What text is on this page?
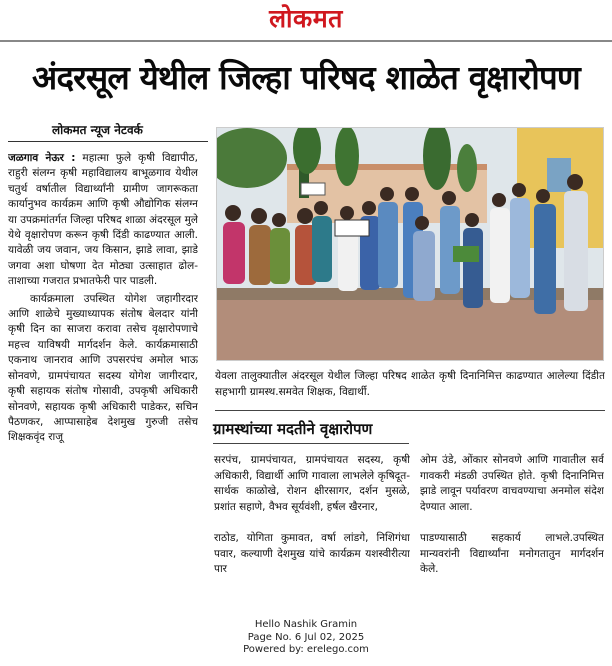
लोकमत
अंदरसूल येथील जिल्हा परिषद शाळेत वृक्षारोपण
लोकमत न्यूज नेटवर्क

जळगाव नेऊर : महात्मा फुले कृषी विद्यापीठ, राहुरी संलग्न कृषी महाविद्यालय बाभूळगाव येथील चतुर्थ वर्षातील विद्यार्थ्यांनी ग्रामीण जागरूकता कार्यानुभव कार्यक्रम आणि कृषी औद्योगिक संलग्न या उपक्रमांतर्गत जिल्हा परिषद शाळा अंदरसूल मुले येथे वृक्षारोपण करून कृषी दिंडी काढण्यात आली. यावेळी जय जवान, जय किसान, झाडे लावा, झाडे जगवा अशा घोषणा देत मोठ्या उत्साहात ढोल-ताशाच्या गजरात प्रभातफेरी पार पाडली.

कार्यक्रमाला उपस्थित योगेश जहागीरदार आणि शाळेचे मुख्याध्यापक संतोष बेलदार यांनी कृषी दिन का साजरा करावा तसेच वृक्षारोपणाचे महत्त्व याविषयी मार्गदर्शन केले. कार्यक्रमासाठी एकनाथ जानराव आणि उपसरपंच अमोल भाऊ सोनवणे, ग्रामपंचायत सदस्य योगेश जागीरदार, कृषी सहायक संतोष गोसावी, उपकृषी अधिकारी सोनवणे, सहायक कृषी अधिकारी पाडेकर, सचिन पैठणकर, आप्पासाहेब देशमुख गुरुजी तसेच शिक्षकवृंद राजू

येवला तालुक्यातील अंदरसूल येथील जिल्हा परिषद शाळेत कृषी दिनानिमित्त काढण्यात आलेल्या दिंडीत सहभागी ग्रामस्थ.समवेत शिक्षक, विद्यार्थी.
ग्रामस्थांच्या मदतीने वृक्षारोपण

सरपंच, ग्रामपंचायत, ग्रामपंचायत सदस्य, कृषी अधिकारी, विद्यार्थी आणि गावाला लाभलेले कृषिदूत-सार्थक काळोखे, रोशन क्षीरसागर, दर्शन मुसळे, प्रशांत सहाणे, वैभव सूर्यवंशी, हर्षल खैरनार,

राठोड, योगिता कुमावत, वर्षा लांडगे, निशिगंधा पवार, कल्याणी देशमुख यांचे कार्यक्रम यशस्वीरीत्या पार

ओम उंडे, ओंकार सोनवणे आणि गावातील सर्व गावकरी मंडळी उपस्थित होते. कृषी दिनानिमित्त झाडे लावून पर्यावरण वाचवण्याचा अनमोल संदेश देण्यात आला.

पाडण्यासाठी सहकार्य लाभले.उपस्थित मान्यवरांनी विद्यार्थ्यांना मनोगतातुन मार्गदर्शन केले.

Hello Nashik Gramin
Page No. 6 Jul 02, 2025
Powered by: erelego.com
